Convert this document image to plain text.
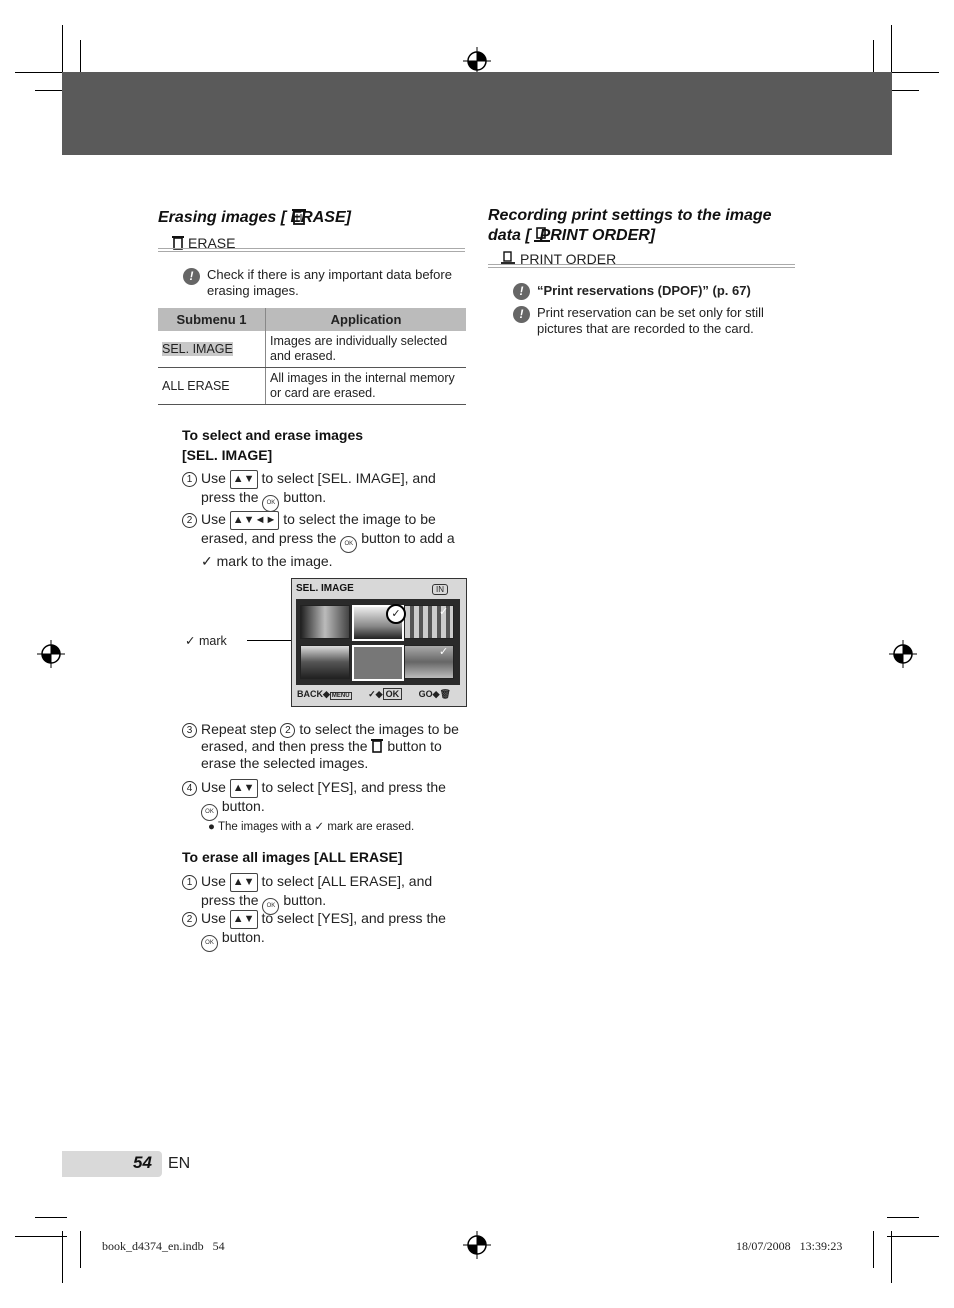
Erasing images [ ERASE]
ERASE
!	Check if there is any important data before erasing images.
Submenu 1	Application
SEL. IMAGE	Images are individually selected and erased.
ALL ERASE	All images in the internal memory or card are erased.
To select and erase images
[SEL. IMAGE]
1 Use ▲▼ to select [SEL. IMAGE], and
press the OK button.
2 Use ▲▼◄► to select the image to be
erased, and press the OK button to add a
✓ mark to the image.
✓ mark
SEL. IMAGE	IN
✓	✓
✓
BACK◆ MENU ✓◆ OK GO◆🗑
3 Repeat step 2 to select the images to be
erased, and then press the button to
erase the selected images.
4 Use ▲▼ to select [YES], and press the
OK button.
● The images with a ✓ mark are erased.
To erase all images [ALL ERASE]
1 Use ▲▼ to select [ALL ERASE], and
press the OK button.
2 Use ▲▼ to select [YES], and press the
OK button.
Recording print settings to the image
data [  PRINT ORDER]
PRINT ORDER
!	“Print reservations (DPOF)” (p. 67)
!	Print reservation can be set only for still pictures that are recorded to the card.
54 EN
book_d4374_en.indb   54	18/07/2008   13:39:23
